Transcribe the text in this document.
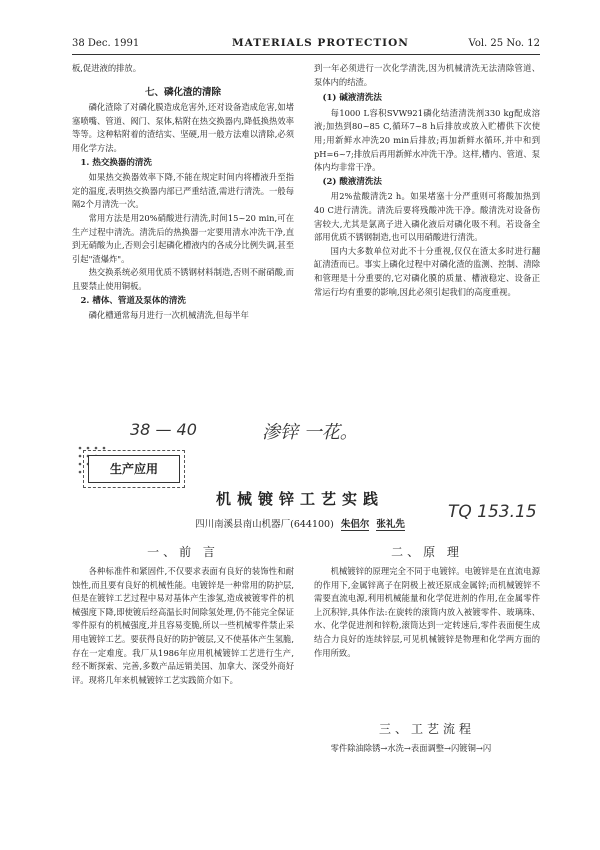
38 Dec. 1991	MATERIALS PROTECTION	Vol. 25 No. 12

板,促进液的排放。

七、磷化渣的清除

磷化渣除了对磷化膜造成危害外,还对设备造成危害,如堵塞喷嘴、管道、阀门、泵体,粘附在热交换器内,降低换热效率等等。这种粘附着的渣结实、坚硬,用一般方法难以清除,必须用化学方法。

1. 热交换器的清洗

如果热交换器效率下降,不能在规定时间内将槽液升至指定的温度,表明热交换器内部已严重结渣,需进行清洗。一般每隔2个月清洗一次。

常用方法是用20%硝酸进行清洗,时间15~20 min,可在生产过程中清洗。清洗后的热换器一定要用清水冲洗干净,直到无硝酸为止,否则会引起磷化槽液内的各成分比例失调,甚至引起"渣爆炸"。

热交换系统必须用优质不锈钢材料制造,否则不耐硝酸,而且要禁止使用铜板。

2. 槽体、管道及泵体的清洗

磷化槽通常每月进行一次机械清洗,但每半年

到一年必须进行一次化学清洗,因为机械清洗无法清除管道、泵体内的结渣。

(1) 碱液清洗法

每1000 L容积SVW921磷化结渣清洗剂330 kg配成溶液;加热到80~85 C,循环7~8 h后排放或放入贮槽供下次使用;用新鲜水冲洗20 min后排放;再加新鲜水循环,并中和到pH=6~7;排放后再用新鲜水冲洗干净。这样,槽内、管道、泵体内均非常干净。

(2) 酸液清洗法

用2%盐酸清洗2 h。如果堵塞十分严重则可将酸加热到40 C进行清洗。清洗后要将残酸冲洗干净。酸清洗对设备伤害较大,尤其是氯离子进入磷化液后对磷化吸不利。若设备全部用优质不锈钢制造,也可以用硝酸进行清洗。

国内大多数单位对此不十分重视,仅仅在渣太多时进行翻缸清渣而已。事实上磷化过程中对磷化渣的监测、控制、清除和管理是十分重要的,它对磷化膜的质量、槽液稳定、设备正常运行均有重要的影响,因此必须引起我们的高度重视。

38 — 40	渗锌 一花。
TQ 153.15
生产应用
机械镀锌工艺实践
四川南溪县南山机器厂(644100) 朱侣尔 张礼先
一、前 言

各种标准件和紧固件,不仅要求表面有良好的装饰性和耐蚀性,而且要有良好的机械性能。电镀锌是一种常用的防护层,但是在镀锌工艺过程中易对基体产生渗氢,造成被镀零件的机械强度下降,即使镀后经高温长时间除氢处理,仍不能完全保证零件原有的机械强度,并且容易变脆,所以一些机械零件禁止采用电镀锌工艺。要获得良好的防护镀层,又不使基体产生氢脆,存在一定难度。我厂从1986年应用机械镀锌工艺进行生产,经不断探索、完善,多数产品远销美国、加拿大、深受外商好评。现将几年来机械镀锌工艺实践简介如下。

二、原 理

机械镀锌的原理完全不同于电镀锌。电镀锌是在直流电源的作用下,金属锌离子在阴极上被还原成金属锌;而机械镀锌不需要直流电源,利用机械能量和化学促进剂的作用,在金属零件上沉积锌,具体作法:在旋转的滚筒内放入被镀零件、玻璃珠、水、化学促进剂和锌粉,滚筒达到一定转速后,零件表面便生成结合力良好的连续锌层,可见机械镀锌是物理和化学两方面的作用所致。

三、工艺流程

零件除油除锈→水洗→表面调整→闪镀铜→闪
